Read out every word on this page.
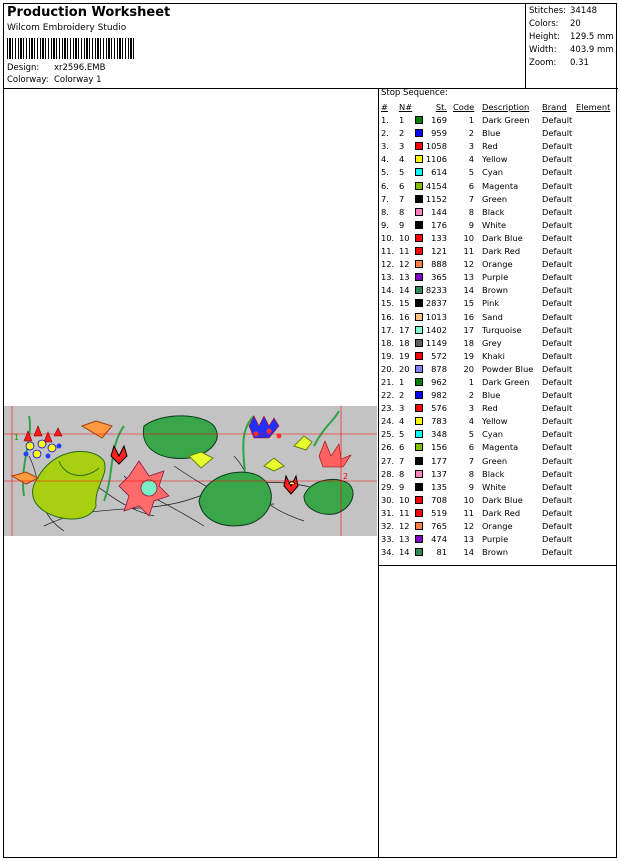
Production Worksheet
Wilcom Embroidery Studio
Design: xr2596.EMB
Colorway: Colorway 1
Stitches: 34148
Colors: 20
Height: 129.5 mm
Width: 403.9 mm
Zoom: 0.31
1
2
Stop Sequence:
# N#	St. Code Description Brand Element
1. 1	169	1 Dark Green Default
2. 2	959	2 Blue	Default
3. 3	1058	3 Red	Default
4. 4	1106	4 Yellow	Default
5. 5	614	5 Cyan	Default
6. 6	4154	6 Magenta	Default
7. 7	1152	7 Green	Default
8. 8	144	8 Black	Default
9. 9	176	9 White	Default
10. 10	133	10 Dark Blue Default
11. 11	121	11 Dark Red	Default
12. 12	888	12 Orange	Default
13. 13	365	13 Purple	Default
14. 14	8233	14 Brown	Default
15. 15	2837	15 Pink	Default
16. 16	1013	16 Sand	Default
17. 17	1402	17 Turquoise Default
18. 18	1149	18 Grey	Default
19. 19	572	19 Khaki	Default
20. 20	878	20 Powder Blue Default
21. 1	962	1 Dark Green Default
22. 2	982	2 Blue	Default
23. 3	576	3 Red	Default
24. 4	783	4 Yellow	Default
25. 5	348	5 Cyan	Default
26. 6	156	6 Magenta	Default
27. 7	177	7 Green	Default
28. 8	137	8 Black	Default
29. 9	135	9 White	Default
30. 10	708	10 Dark Blue Default
31. 11	519	11 Dark Red	Default
32. 12	765	12 Orange	Default
33. 13	474	13 Purple	Default
34. 14	81	14 Brown	Default
